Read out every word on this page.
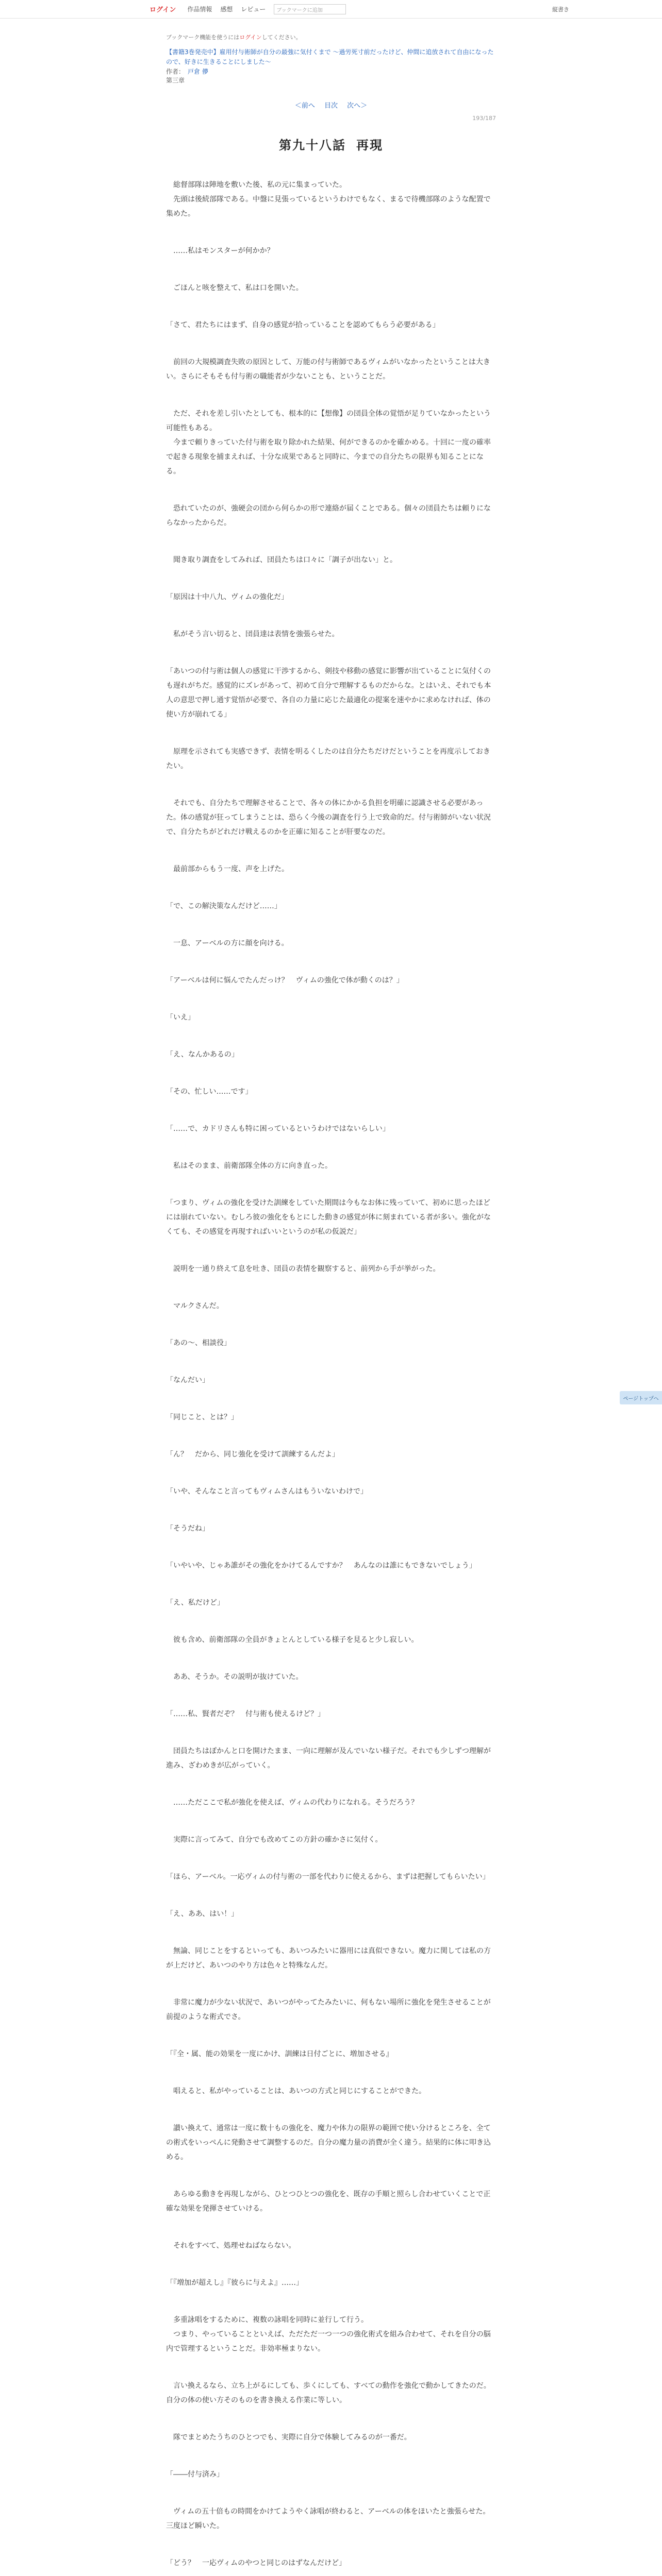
ログイン 作品情報 感想 レビュー	ブックマークに追加	縦書き
ブックマーク機能を使うにはログインしてください。
【書籍3巻発売中】雇用付与術師が自分の最強に気付くまで 〜過労死寸前だったけど、仲間に追放されて自由になったので、好きに生きることにしました〜
作者： 戸倉 儚
第三章
＜前へ 目次 次へ＞
193/187
第九十八話 再現

　総督部隊は陣地を敷いた後、私の元に集まっていた。
　先頭は後続部隊である。中盤に見張っているというわけでもなく、まるで待機部隊のような配置で集めた。

　……私はモンスターが何かか？

　ごほんと咳を整えて、私は口を開いた。

「さて、君たちにはまず、自身の感覚が拾っていることを認めてもらう必要がある」

　前回の大規模調査失敗の原因として、万能の付与術師であるヴィムがいなかったということは大きい。さらにそもそも付与術の職能者が少ないことも、ということだ。

　ただ、それを差し引いたとしても、根本的に【想像】の団員全体の覚悟が足りていなかったという可能性もある。
　今まで頼りきっていた付与術を取り除かれた結果、何ができるのかを確かめる。十回に一度の確率で起きる現象を捕まえれば、十分な成果であると同時に、今までの自分たちの限界も知ることになる。

　恐れていたのが、強硬会の団から何らかの形で連絡が届くことである。個々の団員たちは頼りにならなかったからだ。

　聞き取り調査をしてみれば、団員たちは口々に「調子が出ない」と。

「原因は十中八九、ヴィムの強化だ」

　私がそう言い切ると、団員達は表情を強張らせた。

「あいつの付与術は個人の感覚に干渉するから、剣技や移動の感覚に影響が出ていることに気付くのも遅れがちだ。感覚的にズレがあって、初めて自分で理解するものだからな。とはいえ、それでも本人の意思で押し通す覚悟が必要で、各自の力量に応じた最適化の提案を速やかに求めなければ、体の使い方が崩れてる」

　原理を示されても実感できず、表情を明るくしたのは自分たちだけだということを再度示しておきたい。

　それでも、自分たちで理解させることで、各々の体にかかる負担を明確に認識させる必要があった。体の感覚が狂ってしまうことは、恐らく今後の調査を行う上で致命的だ。付与術師がいない状況で、自分たちがどれだけ戦えるのかを正確に知ることが肝要なのだ。

　最前部からもう一度、声を上げた。

「で、この解決策なんだけど……」

　一息、アーベルの方に顔を向ける。

「アーベルは何に悩んでたんだっけ？　ヴィムの強化で体が動くのは？」

「いえ」

「え、なんかあるの」

「その、忙しい……です」

「……で、カドリさんも特に困っているというわけではないらしい」

　私はそのまま、前衛部隊全体の方に向き直った。

「つまり、ヴィムの強化を受けた訓練をしていた期間は今もなお体に残っていて、初めに思ったほどには崩れていない。むしろ彼の強化をもとにした動きの感覚が体に刻まれている者が多い。強化がなくても、その感覚を再現すればいいというのが私の仮説だ」

　説明を一通り終えて息を吐き、団員の表情を観察すると、前列から手が挙がった。

　マルクさんだ。

「あの～、相談役」

「なんだい」

「同じこと、とは？」

「ん？　だから、同じ強化を受けて訓練するんだよ」

「いや、そんなこと言ってもヴィムさんはもういないわけで」

「そうだね」

「いやいや、じゃあ誰がその強化をかけてるんですか？　あんなのは誰にもできないでしょう」

「え、私だけど」

　彼も含め、前衛部隊の全員がきょとんとしている様子を見ると少し寂しい。

　ああ、そうか。その説明が抜けていた。

「……私、賢者だぞ？　付与術も使えるけど？」

　団員たちはぽかんと口を開けたまま、一向に理解が及んでいない様子だ。それでも少しずつ理解が進み、ざわめきが広がっていく。

　……ただここで私が強化を使えば、ヴィムの代わりになれる。そうだろう？

　実際に言ってみて、自分でも改めてこの方針の確かさに気付く。

「ほら、アーベル。一応ヴィムの付与術の一部を代わりに使えるから、まずは把握してもらいたい」

「え、ああ、はい！」

　無論、同じことをするといっても、あいつみたいに器用には真似できない。魔力に関しては私の方が上だけど、あいつのやり方は色々と特殊なんだ。

　非常に魔力が少ない状況で、あいつがやってたみたいに、何もない場所に強化を発生させることが前提のような術式でさ。

「『全・属、能の効果を一度にかけ、訓練は日付ごとに、増加させる』

　唱えると、私がやっていることは、あいつの方式と同じにすることができた。

　讃い換えて、通常は一度に数十もの強化を、魔力や体力の限界の範囲で使い分けるところを、全ての術式をいっぺんに発動させて調整するのだ。自分の魔力量の消費が全く違う。結果的に体に叩き込める。

　あらゆる動きを再現しながら、ひとつひとつの強化を、既存の手順と照らし合わせていくことで正確な効果を発揮させていける。

　それをすべて、処理せねばならない。

「『増加が超えし』『彼らに与えよ』……」

　多重詠唱をするために、複数の詠唱を同時に並行して行う。
　つまり、やっていることといえば、ただただ一つ一つの強化術式を組み合わせて、それを自分の脳内で管理するということだ。非効率極まりない。

　言い換えるなら、立ち上がるにしても、歩くにしても、すべての動作を強化で動かしてきたのだ。自分の体の使い方そのものを書き換える作業に等しい。

　隊でまとめたうちのひとつでも、実際に自分で体験してみるのが一番だ。

「――付与済み」

　ヴィムの五十倍もの時間をかけてようやく詠唱が終わると、アーベルの体をほいたと強張らせた。三度ほど瞬いた。

「どう？　一応ヴィムのやつと同じのはずなんだけど」

ページトップへ
